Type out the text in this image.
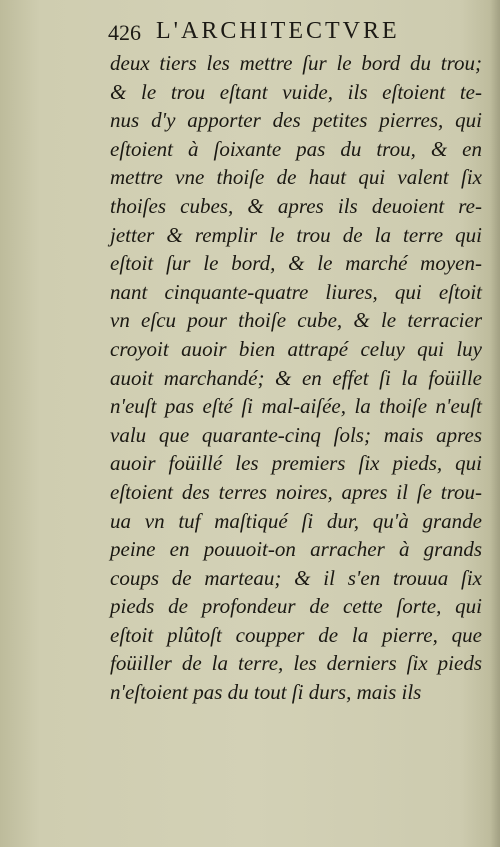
426 L'ARCHITECTVRE
deux tiers les mettre ſur le bord du trou;
& le trou eſtant vuide, ils eſtoient te-
nus d'y apporter des petites pierres, qui
eſtoient à ſoixante pas du trou, & en
mettre vne thoiſe de haut qui valent ſix
thoiſes cubes, & apres ils deuoient re-
jetter & remplir le trou de la terre qui
eſtoit ſur le bord, & le marché moyen-
nant cinquante-quatre liures, qui eſtoit
vn eſcu pour thoiſe cube, & le terracier
croyoit auoir bien attrapé celuy qui luy
auoit marchandé; & en effet ſi la foüille
n'euſt pas eſté ſi mal-aiſée, la thoiſe n'euſt
valu que quarante-cinq ſols; mais apres
auoir foüillé les premiers ſix pieds, qui
eſtoient des terres noires, apres il ſe trou-
ua vn tuf maſtiqué ſi dur, qu'à grande
peine en pouuoit-on arracher à grands
coups de marteau; & il s'en trouua ſix
pieds de profondeur de cette ſorte, qui
eſtoit plûtoſt coupper de la pierre, que
foüiller de la terre, les derniers ſix pieds
n'eſtoient pas du tout ſi durs, mais ils
